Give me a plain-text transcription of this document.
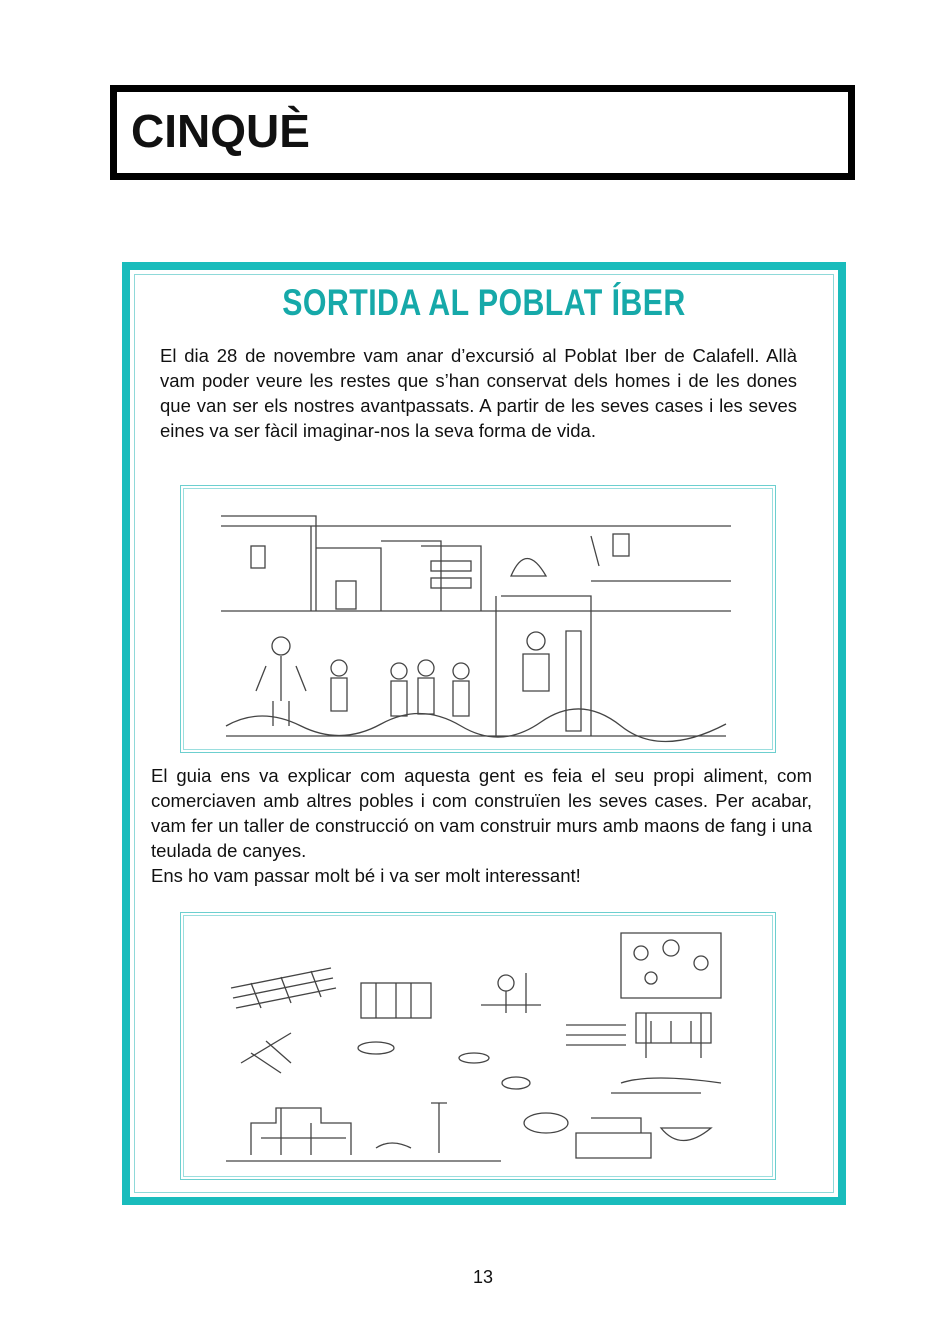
CINQUÈ
SORTIDA AL POBLAT ÍBER
El dia 28 de novembre vam anar d’excursió al Poblat Iber de Calafell. Allà vam poder veure les restes que s’han conservat dels homes i de les dones que van ser els nostres avantpassats. A partir de les seves cases i les seves eines va ser fàcil imaginar-nos la seva forma de vida.
El guia ens va explicar com aquesta gent es feia el seu propi aliment, com comerciaven amb altres pobles i com construïen les seves cases. Per acabar, vam fer un taller de construcció on vam construir murs amb maons de fang i una teulada de canyes.
Ens ho vam passar molt bé i va ser molt interessant!
13
